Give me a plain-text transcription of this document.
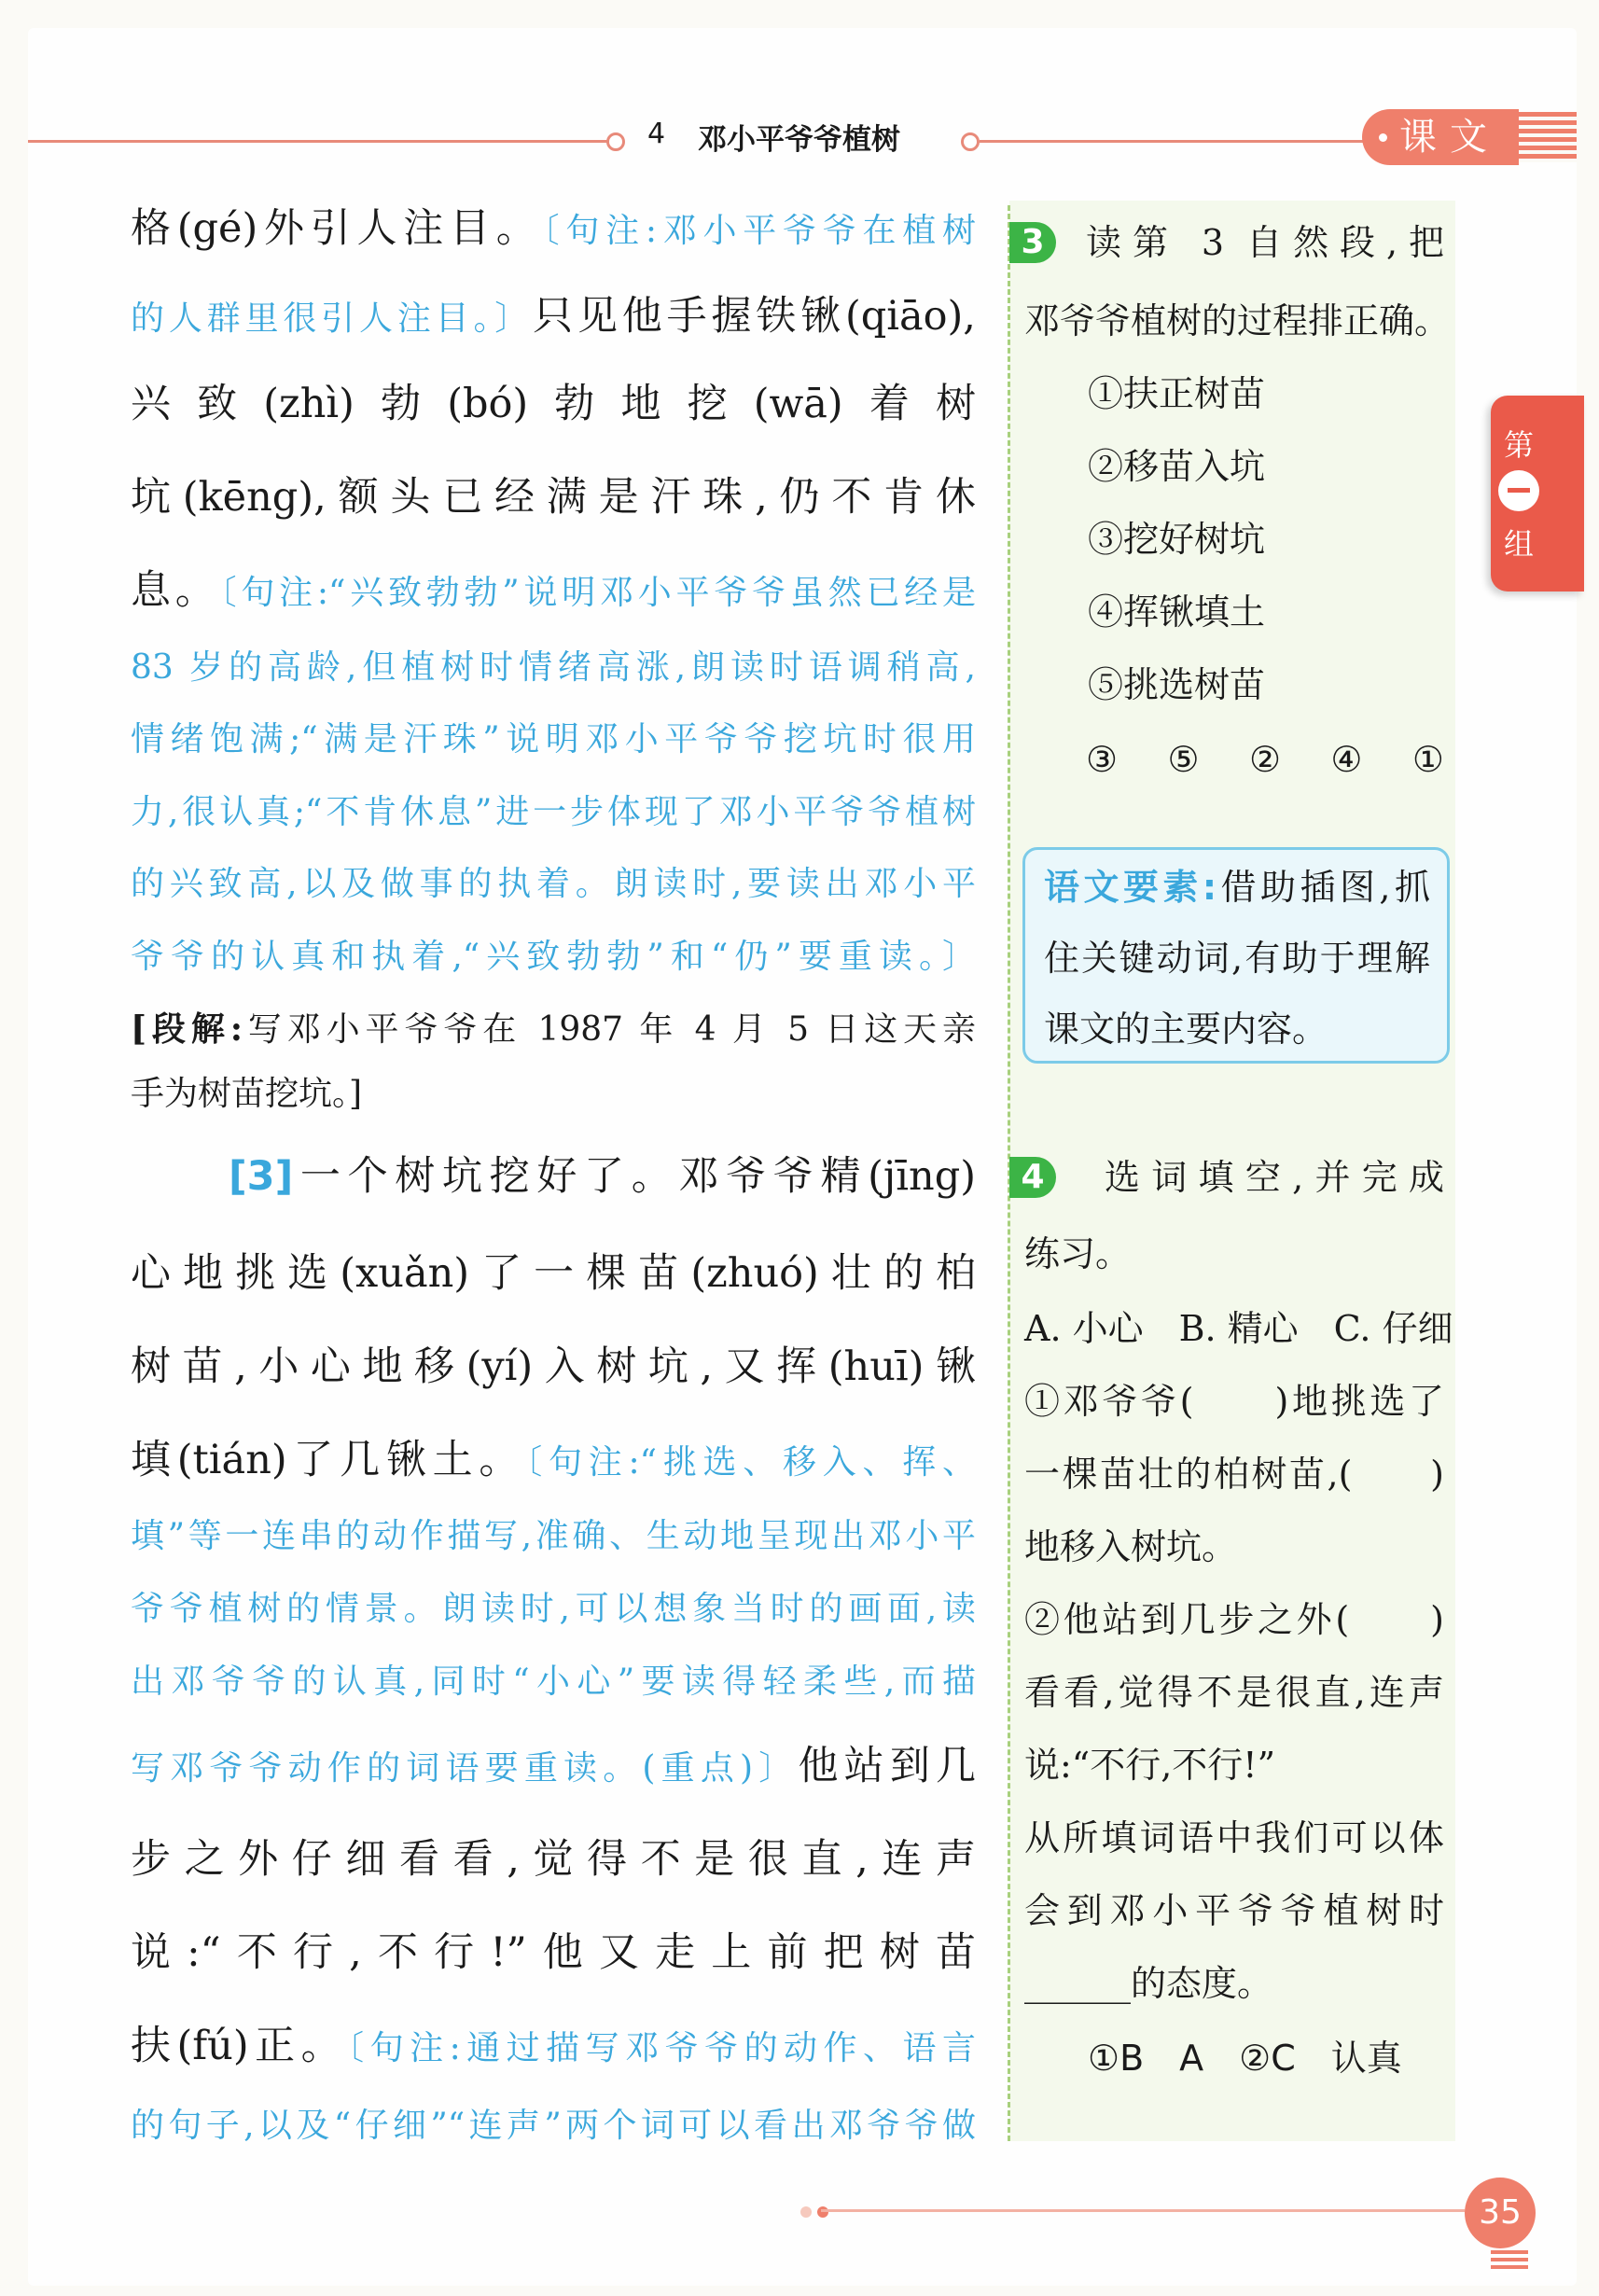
4 邓小平爷爷植树	课文
第
组
格(gé)外引人注目。〔句注:邓小平爷爷在植树
的人群里很引人注目。〕只见他手握铁锹(qiāo),
兴致(zhì)勃(bó)勃地挖(wā)着树
坑(kēng),额头已经满是汗珠,仍不肯休
息。〔句注:“兴致勃勃”说明邓小平爷爷虽然已经是
83 岁的高龄,但植树时情绪高涨,朗读时语调稍高,
情绪饱满;“满是汗珠”说明邓小平爷爷挖坑时很用
力,很认真;“不肯休息”进一步体现了邓小平爷爷植树
的兴致高,以及做事的执着。朗读时,要读出邓小平
爷爷的认真和执着,“兴致勃勃”和“仍”要重读。〕
[段解:写邓小平爷爷在 1987 年 4 月 5 日这天亲
手为树苗挖坑。]
[3]一个树坑挖好了。邓爷爷精(jīng)
心地挑选(xuǎn)了一棵苗(zhuó)壮的柏
树苗,小心地移(yí)入树坑,又挥(huī)锹
填(tián)了几锹土。〔句注:“挑选、移入、挥、
填”等一连串的动作描写,准确、生动地呈现出邓小平
爷爷植树的情景。朗读时,可以想象当时的画面,读
出邓爷爷的认真,同时“小心”要读得轻柔些,而描
写邓爷爷动作的词语要重读。(重点)〕他站到几
步之外仔细看看,觉得不是很直,连声
说:“不行,不行!”他又走上前把树苗
扶(fú)正。〔句注:通过描写邓爷爷的动作、语言
的句子,以及“仔细”“连声”两个词可以看出邓爷爷做
3	读第 3 自然段,把
邓爷爷植树的过程排正确。
①扶正树苗
②移苗入坑
③挖好树坑
④挥锹填土
⑤挑选树苗
③ ⑤ ② ④ ①
语文要素:借助插图,抓
住关键动词,有助于理解
课文的主要内容。
4	选词填空,并完成
练习。
A. 小心　B. 精心　C. 仔细
①邓爷爷(　　)地挑选了
一棵苗壮的柏树苗,(　　)
地移入树坑。
②他站到几步之外(　　)
看看,觉得不是很直,连声
说:“不行,不行!”
从所填词语中我们可以体
会到邓小平爷爷植树时
______的态度。
①B　A　②C　认真
35
